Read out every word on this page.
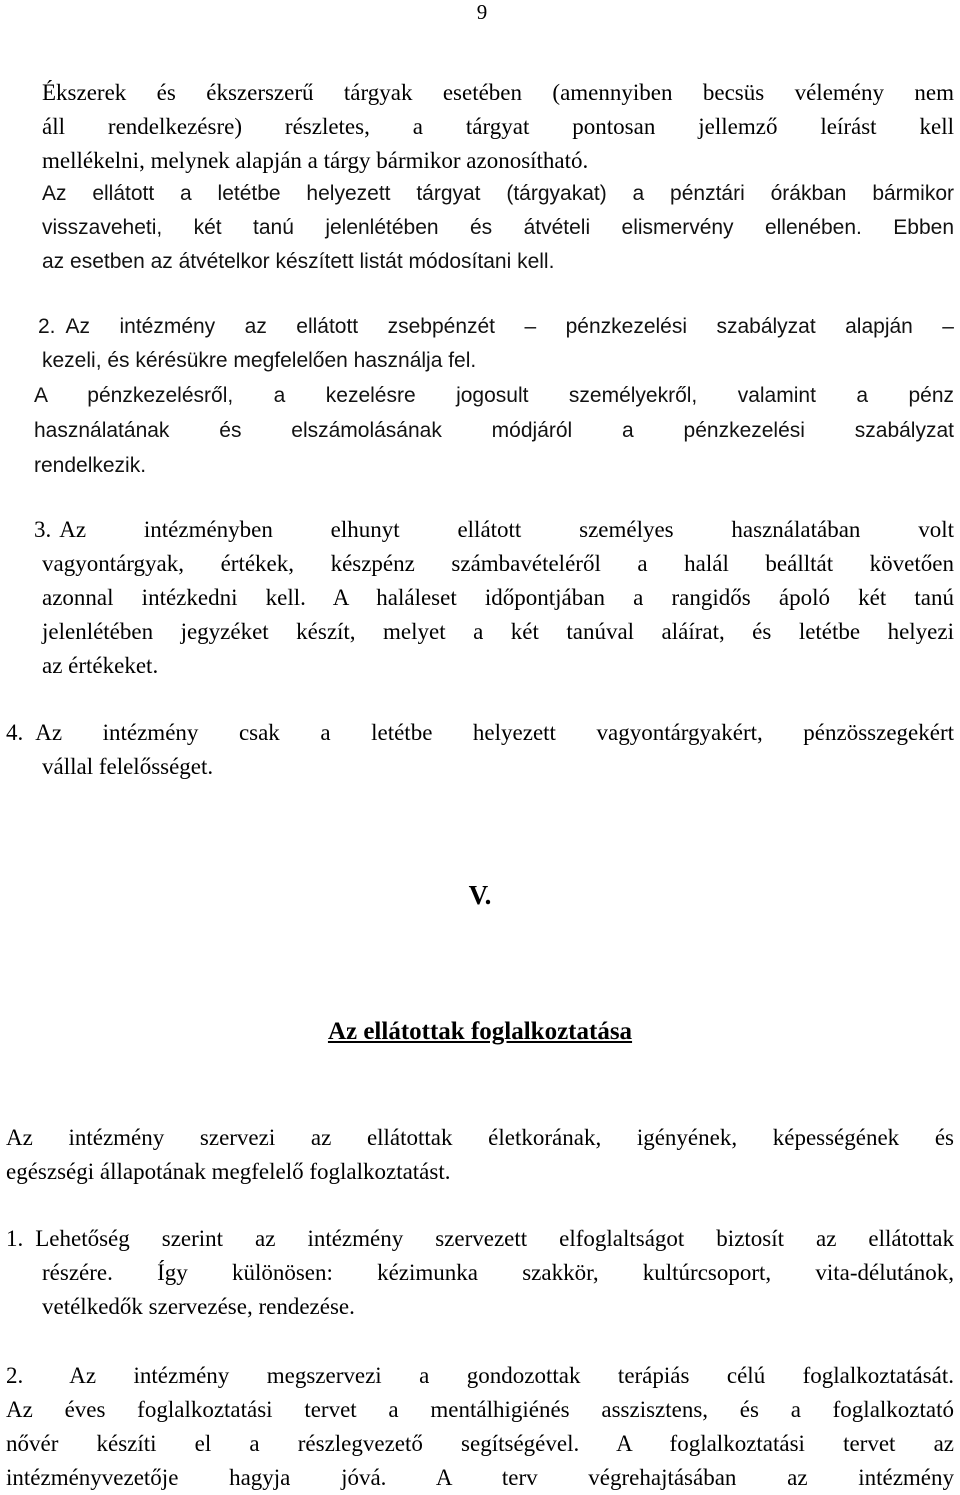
9
Ékszerek és ékszerszerű tárgyak esetében (amennyiben becsüs vélemény nem
áll rendelkezésre) részletes, a tárgyat pontosan jellemző leírást kell
mellékelni, melynek alapján a tárgy bármikor azonosítható.
Az ellátott a letétbe helyezett tárgyat (tárgyakat) a pénztári órákban bármikor
visszaveheti, két tanú jelenlétében és átvételi elismervény ellenében. Ebben
az esetben az átvételkor készített listát módosítani kell.
2. Az intézmény az ellátott zsebpénzét – pénzkezelési szabályzat alapján –
kezeli, és kérésükre megfelelően használja fel.
A pénzkezelésről, a kezelésre jogosult személyekről, valamint a pénz
használatának és elszámolásának módjáról a pénzkezelési szabályzat
rendelkezik.
3. Az intézményben elhunyt ellátott személyes használatában volt
vagyontárgyak, értékek, készpénz számbavételéről a halál beálltát követően
azonnal intézkedni kell. A haláleset időpontjában a rangidős ápoló két tanú
jelenlétében jegyzéket készít, melyet a két tanúval aláírat, és letétbe helyezi
az értékeket.
4. Az intézmény csak a letétbe helyezett vagyontárgyakért, pénzösszegekért
vállal felelősséget.
V.
Az ellátottak foglalkoztatása
Az intézmény szervezi az ellátottak életkorának, igényének, képességének és
egészségi állapotának megfelelő foglalkoztatást.
1. Lehetőség szerint az intézmény szervezett elfoglaltságot biztosít az ellátottak
részére. Így különösen: kézimunka szakkör, kultúrcsoport, vita-délutánok,
vetélkedők szervezése, rendezése.
2. Az intézmény megszervezi a gondozottak terápiás célú foglalkoztatását.
Az éves foglalkoztatási tervet a mentálhigiénés asszisztens, és a foglalkoztató
nővér készíti el a részlegvezető segítségével. A foglalkoztatási tervet az
intézményvezetője hagyja jóvá. A terv végrehajtásában az intézmény
